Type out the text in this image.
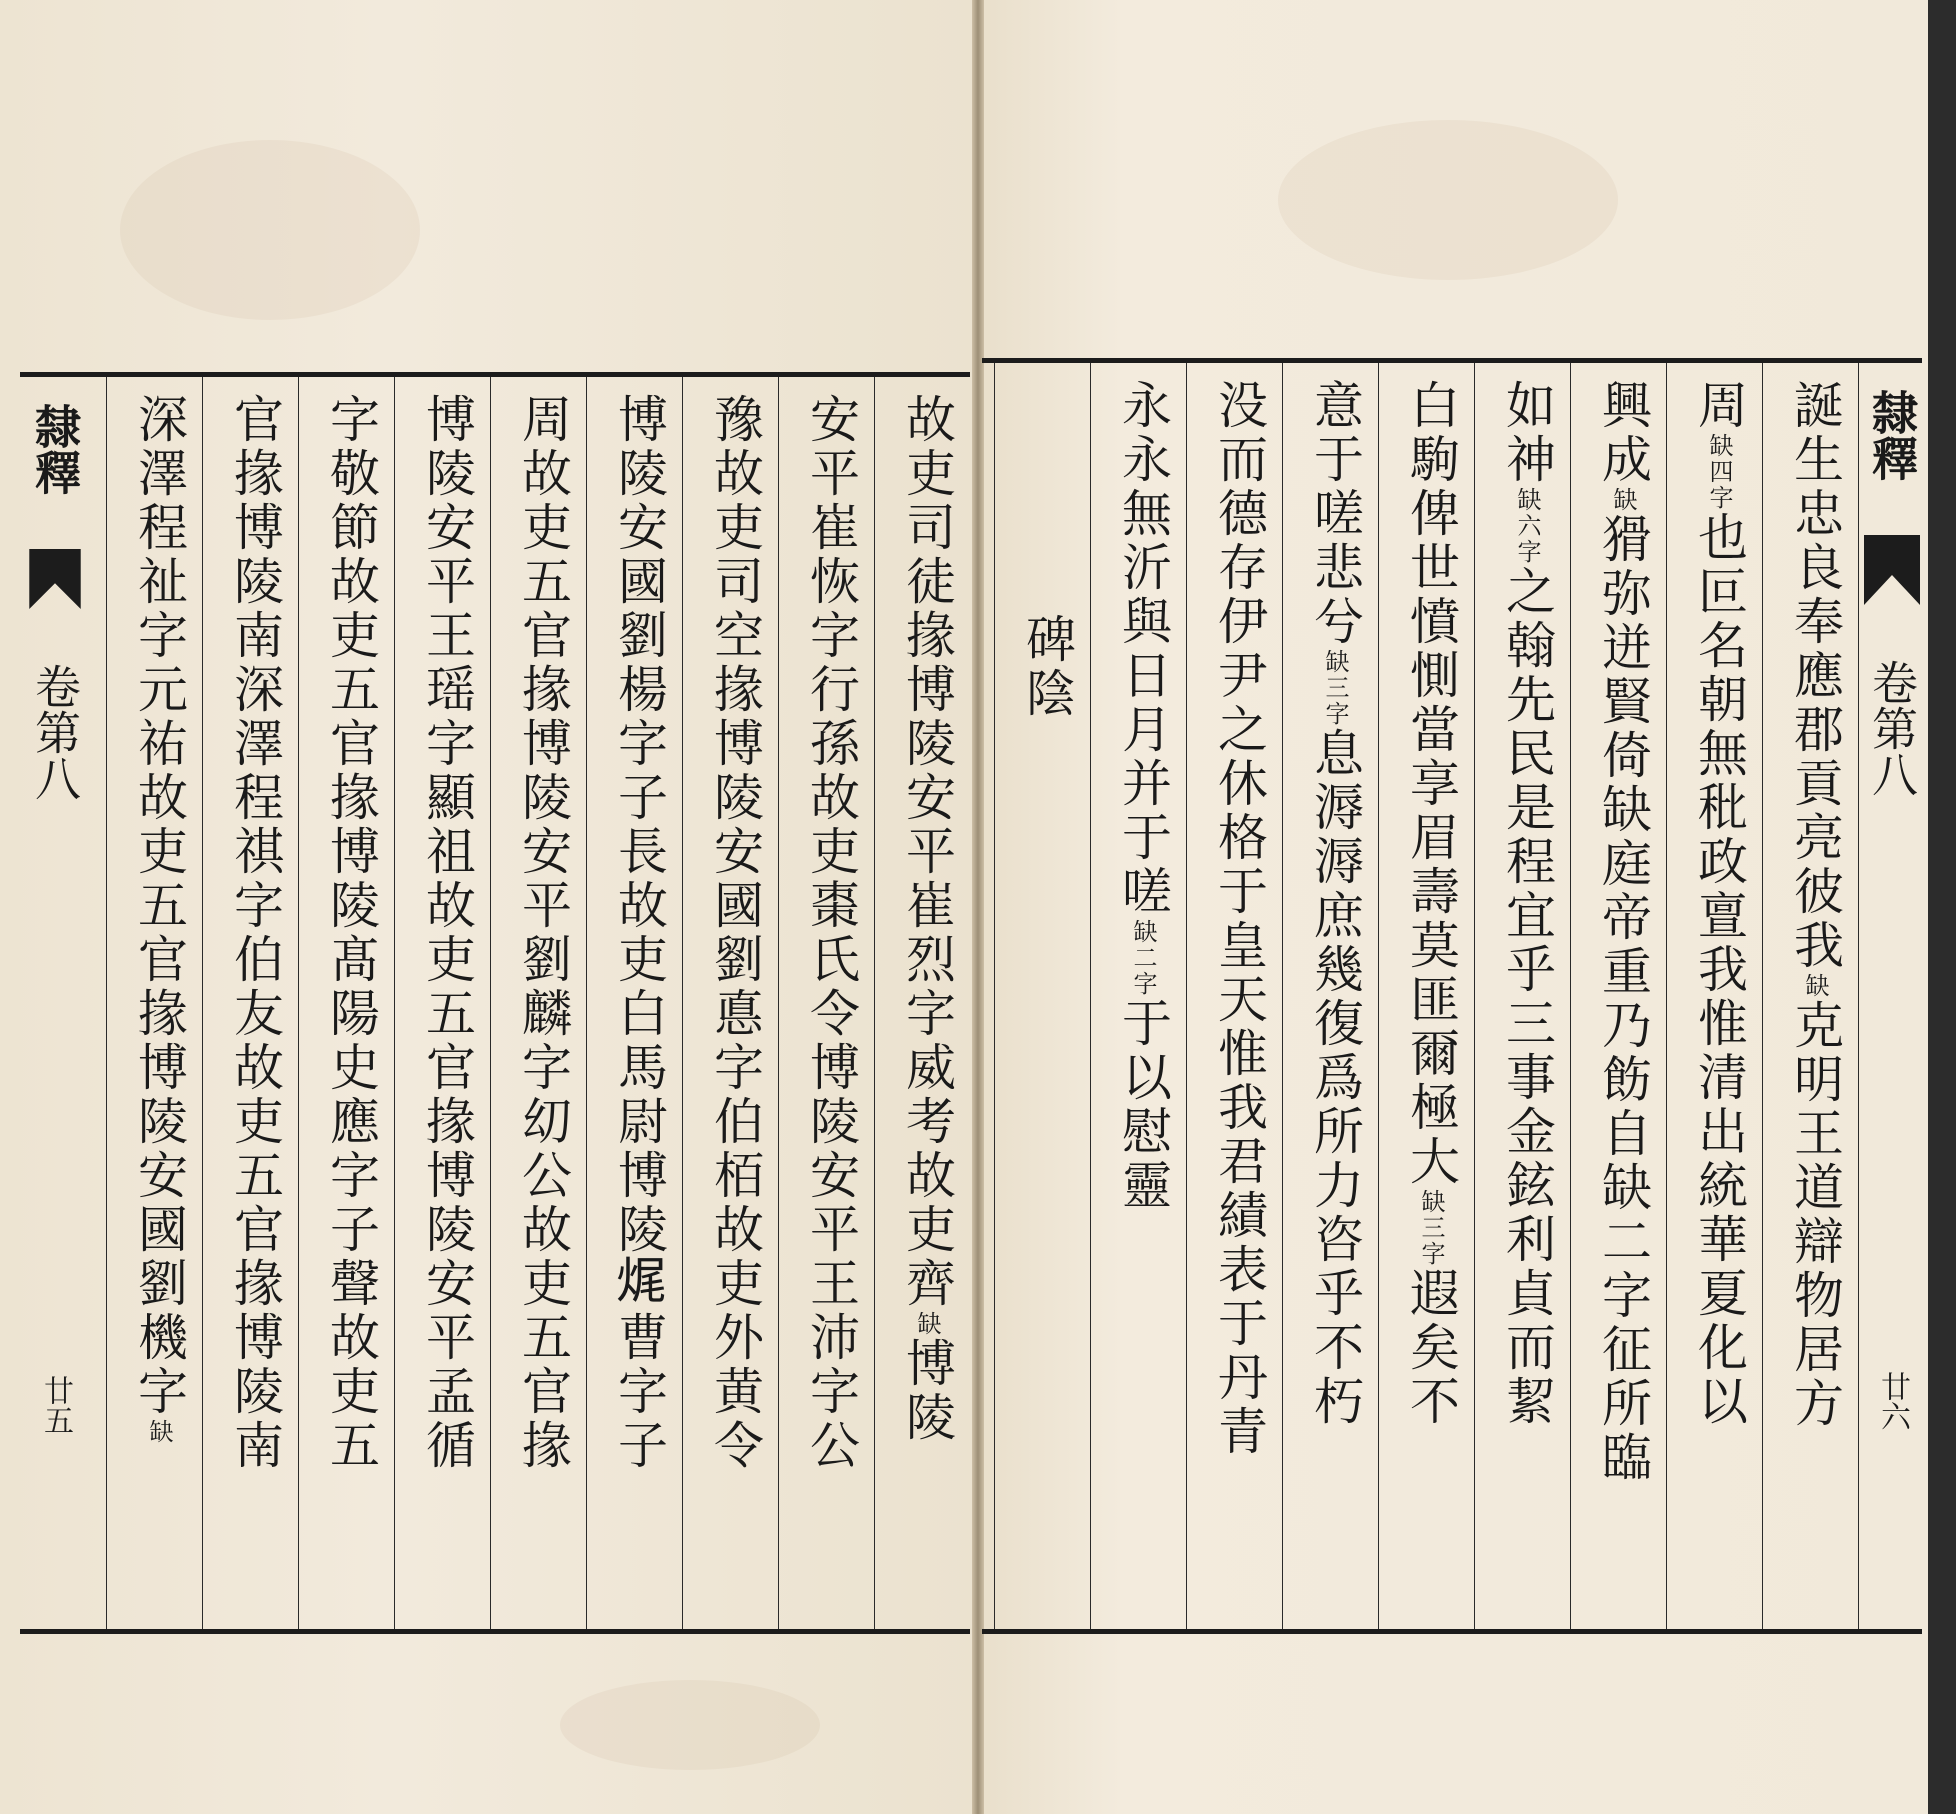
隸釋  卷第八 廿五
故吏司徒掾博陵安平崔烈字威考故吏齊缺博陵
安平崔恢字行孫故吏棗氏令博陵安平王沛字公
豫故吏司空掾博陵安國劉悳字伯栢故吏外黄令
博陵安國劉楊字子長故吏白馬尉博陵𤈦曹字子
周故吏五官掾博陵安平劉麟字㓜公故吏五官掾
博陵安平王瑶字顯祖故吏五官掾博陵安平孟循
字敬節故吏五官掾博陵髙陽史應字子聲故吏五
官掾博陵南深澤程祺字伯友故吏五官掾博陵南
深澤程祉字元祐故吏五官掾博陵安國劉機字缺
隸釋  卷第八 廿六
誕生忠良奉應郡貢亮彼我缺克明王道辯物居方
周缺四字也叵名朝無秕政亶我惟清出統華夏化以
興成缺猾弥迸賢倚缺庭帝重乃飭自缺二字征所臨
如神缺六字之翰先民是程宜乎三事金鉉利貞而絜
白駒俾世憤惻當享眉壽莫匪爾極大缺三字遐矣不
意于嗟悲兮缺三字息溽溽庶幾復爲所力咨乎不朽
没而德存伊尹之休格于皇天惟我君績表于丹青
永永無沂與日月并于嗟缺二字于以慰靈
碑陰
